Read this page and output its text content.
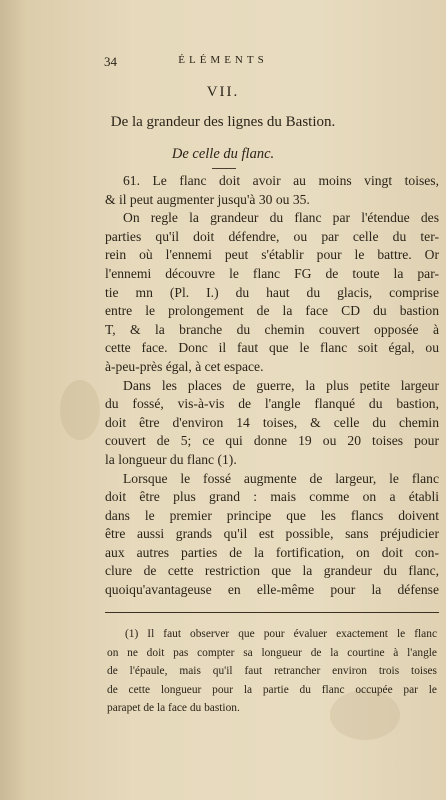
34	ÉLÉMENTS
VII.
De la grandeur des lignes du Bastion.
De celle du flanc.
61. Le flanc doit avoir au moins vingt toises,
& il peut augmenter jusqu'à 30 ou 35.
On regle la grandeur du flanc par l'étendue des
parties qu'il doit défendre, ou par celle du ter-
rein où l'ennemi peut s'établir pour le battre. Or
l'ennemi découvre le flanc FG de toute la par-
tie mn (Pl. I.) du haut du glacis, comprise
entre le prolongement de la face CD du bastion
T, & la branche du chemin couvert opposée à
cette face. Donc il faut que le flanc soit égal, ou
à-peu-près égal, à cet espace.
Dans les places de guerre, la plus petite largeur
du fossé, vis-à-vis de l'angle flanqué du bastion,
doit être d'environ 14 toises, & celle du chemin
couvert de 5; ce qui donne 19 ou 20 toises pour
la longueur du flanc (1).
Lorsque le fossé augmente de largeur, le flanc
doit être plus grand : mais comme on a établi
dans le premier principe que les flancs doivent
être aussi grands qu'il est possible, sans préjudicier
aux autres parties de la fortification, on doit con-
clure de cette restriction que la grandeur du flanc,
quoiqu'avantageuse en elle-même pour la défense
(1) Il faut observer que pour évaluer exactement le flanc
on ne doit pas compter sa longueur de la courtine à l'angle
de l'épaule, mais qu'il faut retrancher environ trois toises
de cette longueur pour la partie du flanc occupée par le
parapet de la face du bastion.
